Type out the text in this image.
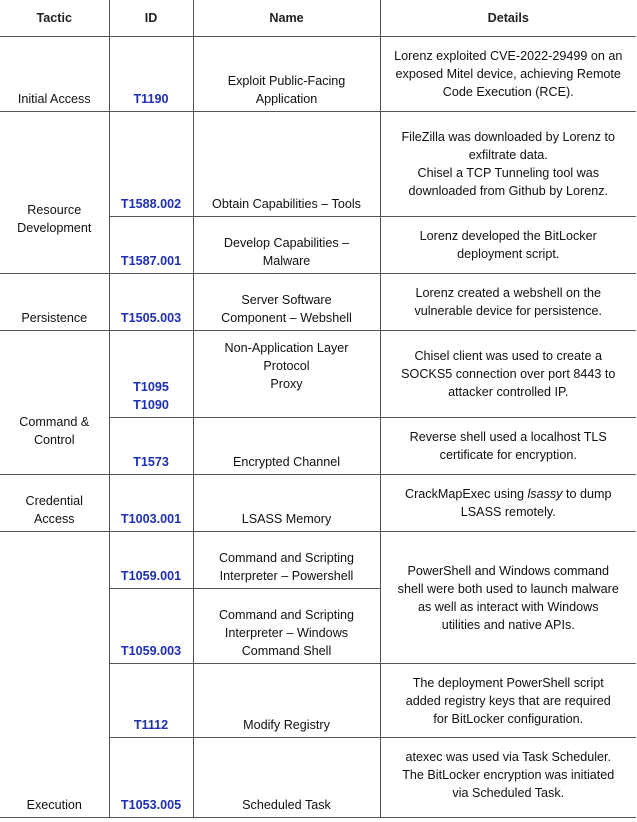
Tactic	ID	Name	Details

Initial Access	T1190	Exploit Public-Facing
Application	Lorenz exploited CVE-2022-29499 on an
exposed Mitel device, achieving Remote
Code Execution (RCE).

Resource
Development	T1588.002	Obtain Capabilities – Tools	FileZilla was downloaded by Lorenz to
exfiltrate data.
Chisel a TCP Tunneling tool was
downloaded from Github by Lorenz.

	T1587.001	Develop Capabilities –
Malware	Lorenz developed the BitLocker
deployment script.

Persistence	T1505.003	Server Software
Component – Webshell	Lorenz created a webshell on the
vulnerable device for persistence.

Command &
Control	T1095
T1090	Non-Application Layer
Protocol
Proxy	Chisel client was used to create a
SOCKS5 connection over port 8443 to
attacker controlled IP.

	T1573	Encrypted Channel	Reverse shell used a localhost TLS
certificate for encryption.

Credential
Access	T1003.001	LSASS Memory	CrackMapExec using lsassy to dump
LSASS remotely.

Execution	T1059.001	Command and Scripting
Interpreter – Powershell	PowerShell and Windows command
shell were both used to launch malware
as well as interact with Windows
utilities and native APIs.

	T1059.003	Command and Scripting
Interpreter – Windows
Command Shell	

	T1112	Modify Registry	The deployment PowerShell script
added registry keys that are required
for BitLocker configuration.

	T1053.005	Scheduled Task	atexec was used via Task Scheduler.
The BitLocker encryption was initiated
via Scheduled Task.
